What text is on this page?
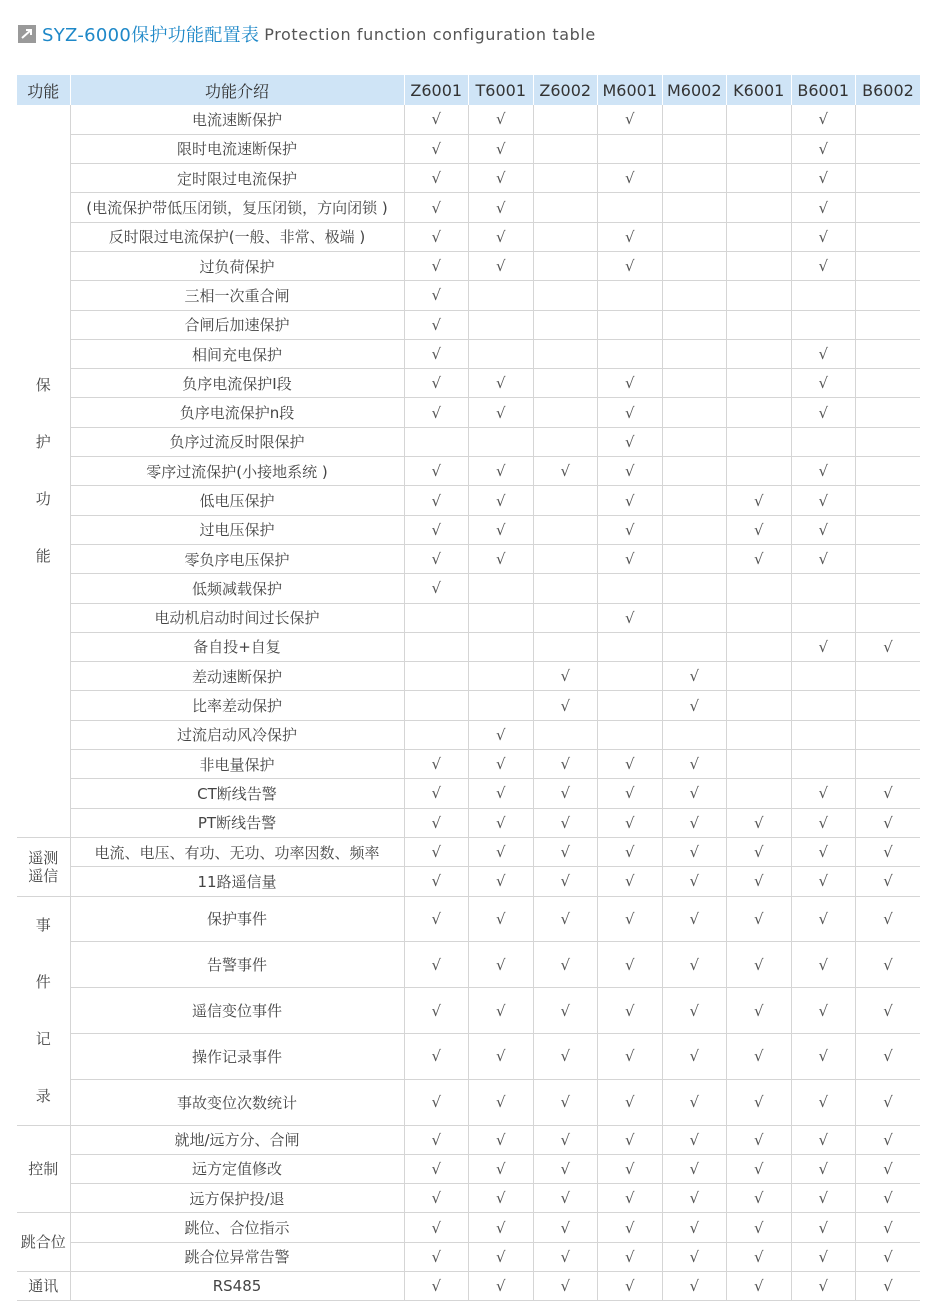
SYZ-6000保护功能配置表 Protection function configuration table
功能	功能介绍	Z6001	T6001	Z6002	M6001	M6002	K6001	B6001	B6002
保
护
功
能	电流速断保护	√	√		√			√	
	限时电流速断保护	√	√					√	
	定时限过电流保护	√	√		√			√	
	(电流保护带低压闭锁，复压闭锁，方向闭锁 )	√	√					√	
	反时限过电流保护(一般、非常、极端 )	√	√		√			√	
	过负荷保护	√	√		√			√	
	三相一次重合闸	√							
	合闸后加速保护	√							
	相间充电保护	√						√	
	负序电流保护I段	√	√		√			√	
	负序电流保护n段	√	√		√			√	
	负序过流反时限保护				√				
	零序过流保护(小接地系统 )	√	√	√	√			√	
	低电压保护	√	√		√		√	√	
	过电压保护	√	√		√		√	√	
	零负序电压保护	√	√		√		√	√	
	低频减载保护	√							
	电动机启动时间过长保护				√				
	备自投+自复							√	√
	差动速断保护			√		√			
	比率差动保护			√		√			
	过流启动风冷保护		√						
	非电量保护	√	√	√	√	√			
	CT断线告警	√	√	√	√	√		√	√
	PT断线告警	√	√	√	√	√	√	√	√
遥测
遥信	电流、电压、有功、无功、功率因数、频率	√	√	√	√	√	√	√	√
	11路遥信量	√	√	√	√	√	√	√	√
事
件
记
录	保护事件	√	√	√	√	√	√	√	√
	告警事件	√	√	√	√	√	√	√	√
	遥信变位事件	√	√	√	√	√	√	√	√
	操作记录事件	√	√	√	√	√	√	√	√
	事故变位次数统计	√	√	√	√	√	√	√	√
控制	就地/远方分、合闸	√	√	√	√	√	√	√	√
	远方定值修改	√	√	√	√	√	√	√	√
	远方保护投/退	√	√	√	√	√	√	√	√
跳合位	跳位、合位指示	√	√	√	√	√	√	√	√
	跳合位异常告警	√	√	√	√	√	√	√	√
通讯	RS485	√	√	√	√	√	√	√	√
